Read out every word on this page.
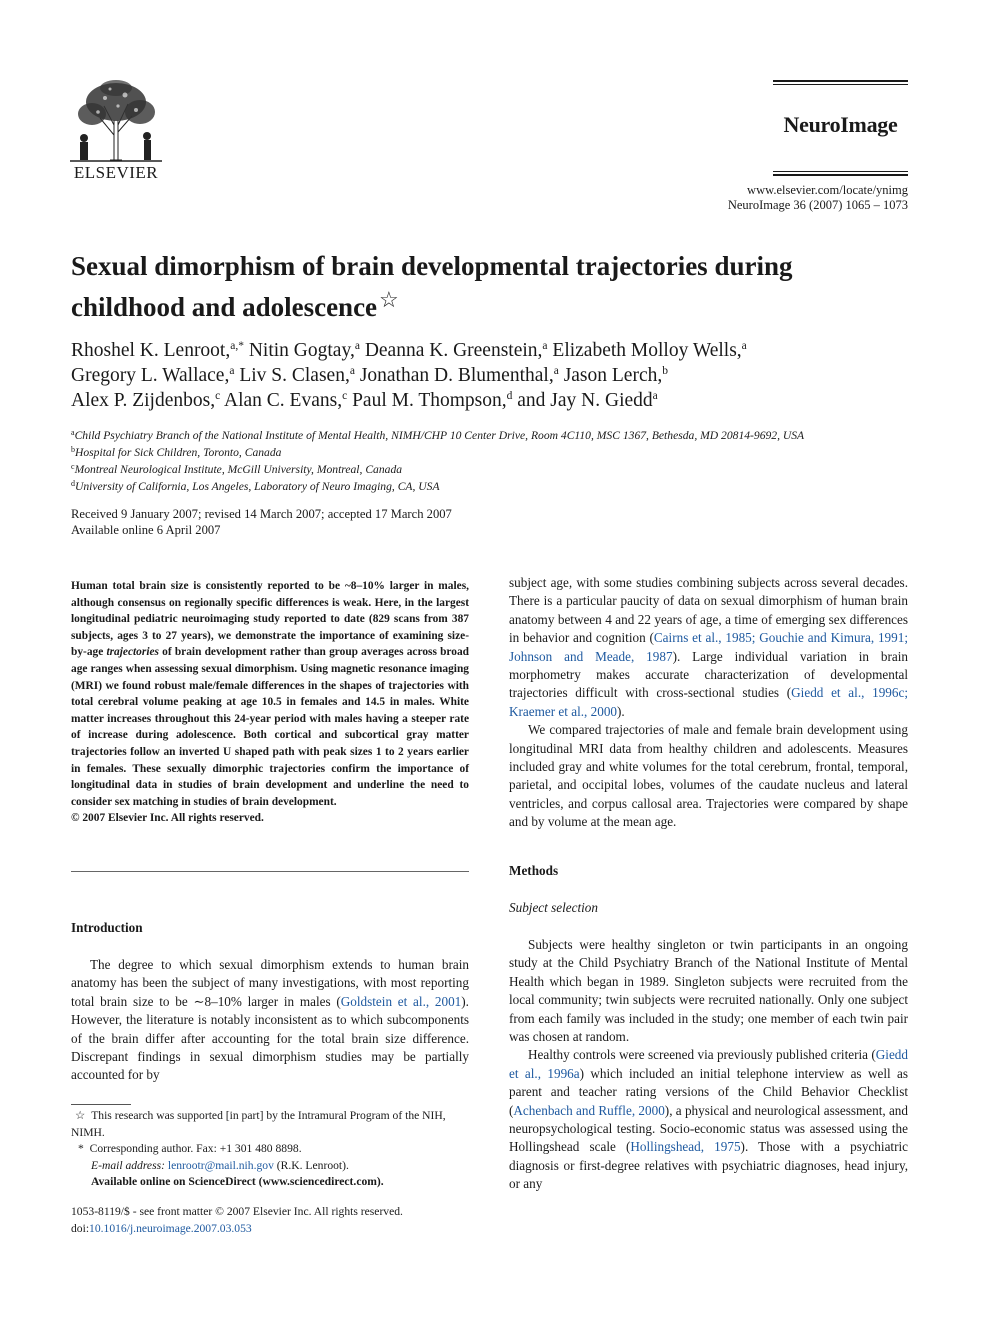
ELSEVIER
NeuroImage
www.elsevier.com/locate/ynimg
NeuroImage 36 (2007) 1065 – 1073
Sexual dimorphism of brain developmental trajectories during
childhood and adolescence☆
Rhoshel K. Lenroot,$^{a,*}$ Nitin Gogtay,$^a$ Deanna K. Greenstein,$^a$ Elizabeth Molloy Wells,$^a$
Gregory L. Wallace,$^a$ Liv S. Clasen,$^a$ Jonathan D. Blumenthal,$^a$ Jason Lerch,$^b$
Alex P. Zijdenbos,$^c$ Alan C. Evans,$^c$ Paul M. Thompson,$^d$ and Jay N. Giedd$^a$
$^a$Child Psychiatry Branch of the National Institute of Mental Health, NIMH/CHP 10 Center Drive, Room 4C110, MSC 1367, Bethesda, MD 20814-9692, USA
$^b$Hospital for Sick Children, Toronto, Canada
$^c$Montreal Neurological Institute, McGill University, Montreal, Canada
$^d$University of California, Los Angeles, Laboratory of Neuro Imaging, CA, USA
Received 9 January 2007; revised 14 March 2007; accepted 17 March 2007
Available online 6 April 2007
Human total brain size is consistently reported to be ~8–10% larger in males, although consensus on regionally specific differences is weak. Here, in the largest longitudinal pediatric neuroimaging study reported to date (829 scans from 387 subjects, ages 3 to 27 years), we demonstrate the importance of examining size-by-age trajectories of brain development rather than group averages across broad age ranges when assessing sexual dimorphism. Using magnetic resonance imaging (MRI) we found robust male/female differences in the shapes of trajectories with total cerebral volume peaking at age 10.5 in females and 14.5 in males. White matter increases throughout this 24-year period with males having a steeper rate of increase during adolescence. Both cortical and subcortical gray matter trajectories follow an inverted U shaped path with peak sizes 1 to 2 years earlier in females. These sexually dimorphic trajectories confirm the importance of longitudinal data in studies of brain development and underline the need to consider sex matching in studies of brain development.
© 2007 Elsevier Inc. All rights reserved.
Introduction

The degree to which sexual dimorphism extends to human brain anatomy has been the subject of many investigations, with most reporting total brain size to be ∼8–10% larger in males (Goldstein et al., 2001). However, the literature is notably inconsistent as to which subcomponents of the brain differ after accounting for the total brain size difference. Discrepant findings in sexual dimorphism studies may be partially accounted for by

☆ This research was supported [in part] by the Intramural Program of the NIH, NIMH.

* Corresponding author. Fax: +1 301 480 8898.

E-mail address: lenrootr@mail.nih.gov (R.K. Lenroot).

Available online on ScienceDirect (www.sciencedirect.com).

1053-8119/$ - see front matter © 2007 Elsevier Inc. All rights reserved.
doi:10.1016/j.neuroimage.2007.03.053

subject age, with some studies combining subjects across several decades. There is a particular paucity of data on sexual dimorphism of human brain anatomy between 4 and 22 years of age, a time of emerging sex differences in behavior and cognition (Cairns et al., 1985; Gouchie and Kimura, 1991; Johnson and Meade, 1987). Large individual variation in brain morphometry makes accurate characterization of developmental trajectories difficult with cross-sectional studies (Giedd et al., 1996c; Kraemer et al., 2000).

We compared trajectories of male and female brain development using longitudinal MRI data from healthy children and adolescents. Measures included gray and white volumes for the total cerebrum, frontal, temporal, parietal, and occipital lobes, volumes of the caudate nucleus and lateral ventricles, and corpus callosal area. Trajectories were compared by shape and by volume at the mean age.

Methods
Subject selection

Subjects were healthy singleton or twin participants in an ongoing study at the Child Psychiatry Branch of the National Institute of Mental Health which began in 1989. Singleton subjects were recruited from the local community; twin subjects were recruited nationally. Only one subject from each family was included in the study; one member of each twin pair was chosen at random.

Healthy controls were screened via previously published criteria (Giedd et al., 1996a) which included an initial telephone interview as well as parent and teacher rating versions of the Child Behavior Checklist (Achenbach and Ruffle, 2000), a physical and neurological assessment, and neuropsychological testing. Socio-economic status was assessed using the Hollingshead scale (Hollingshead, 1975). Those with a psychiatric diagnosis or first-degree relatives with psychiatric diagnoses, head injury, or any
